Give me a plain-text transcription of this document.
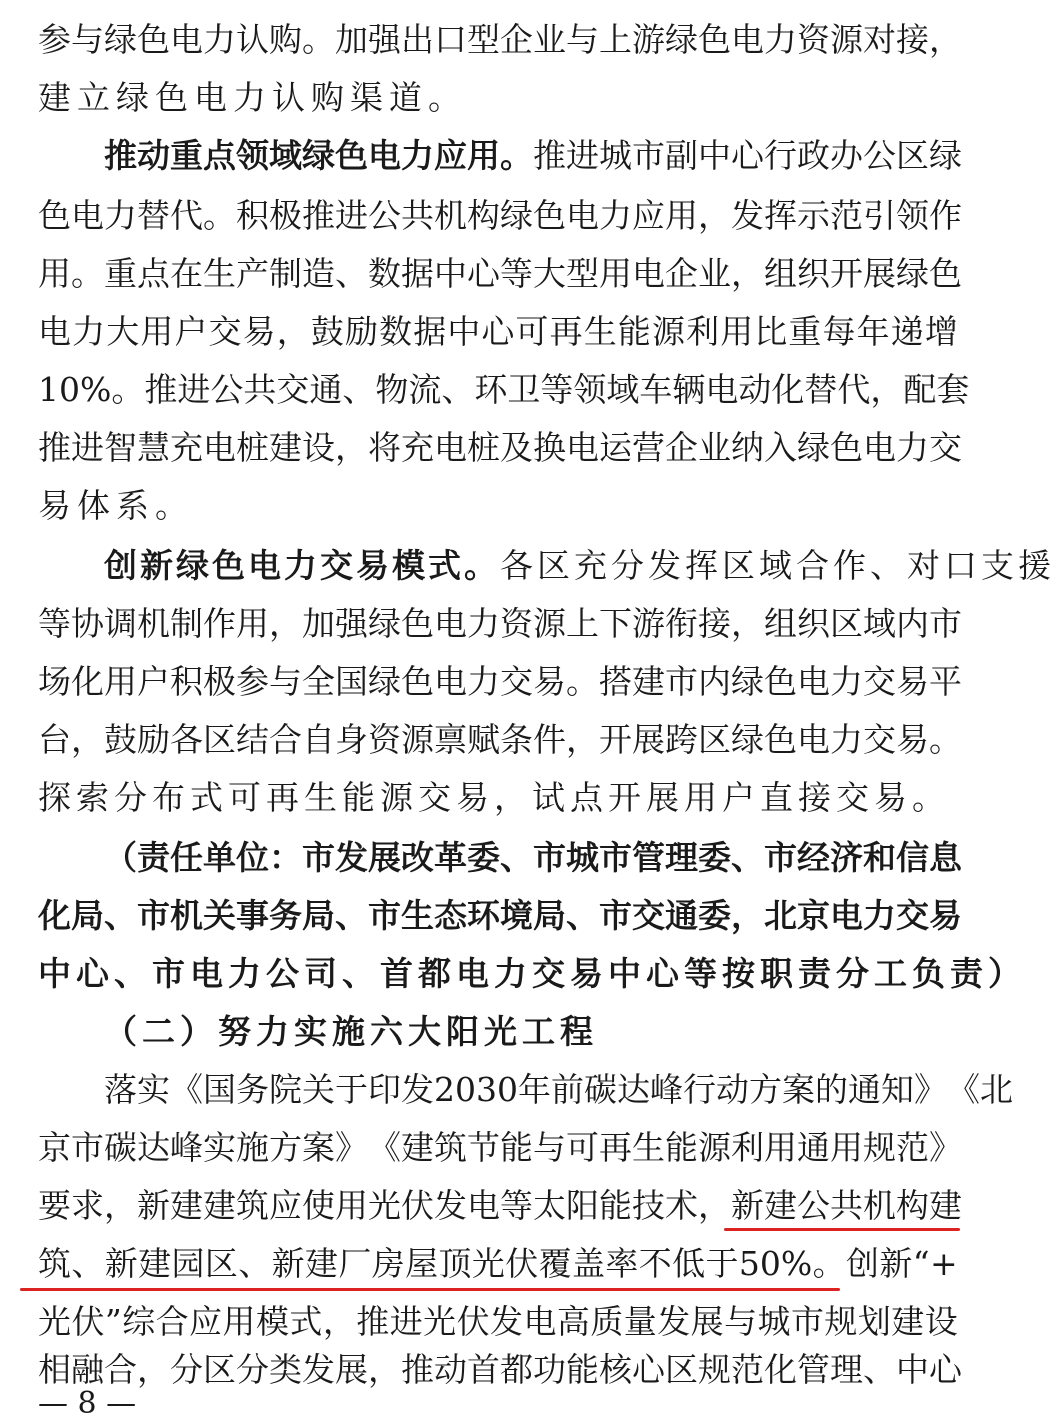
参 与 绿 色 电 力 认 购 。 加 强 出 口 型 企 业 与 上 游 绿 色 电 力 资 源 对 接 ，
建立绿色电力认购渠道。
推 动 重 点 领 域 绿 色 电 力 应 用 。 推 进 城 市 副 中 心 行 政 办 公 区 绿
色 电 力 替 代 。 积 极 推 进 公 共 机 构 绿 色 电 力 应 用 ， 发 挥 示 范 引 领 作
用 。 重 点 在 生 产 制 造 、 数 据 中 心 等 大 型 用 电 企 业 ， 组 织 开 展 绿 色
电 力 大 用 户 交 易 ， 鼓 励 数 据 中 心 可 再 生 能 源 利 用 比 重 每 年 递 增
10% 。 推 进 公 共 交 通 、 物 流 、 环 卫 等 领 域 车 辆 电 动 化 替 代 ， 配 套
推 进 智 慧 充 电 桩 建 设 ， 将 充 电 桩 及 换 电 运 营 企 业 纳 入 绿 色 电 力 交
易体系。
创新绿色电力交易模式。 各区充分发挥区域合作、对口支援
等 协 调 机 制 作 用 ， 加 强 绿 色 电 力 资 源 上 下 游 衔 接 ， 组 织 区 域 内 市
场 化 用 户 积 极 参 与 全 国 绿 色 电 力 交 易 。 搭 建 市 内 绿 色 电 力 交 易 平
台 ， 鼓 励 各 区 结 合 自 身 资 源 禀 赋 条 件 ， 开 展 跨 区 绿 色 电 力 交 易 。
探索分布式可再生能源交易，试点开展用户直接交易。
（ 责 任 单 位 ： 市 发 展 改 革 委 、 市 城 市 管 理 委 、 市 经 济 和 信 息
化 局 、 市 机 关 事 务 局 、 市 生 态 环 境 局 、 市 交 通 委 ， 北 京 电 力 交 易
中心、市电力公司、首都电力交易中心等按职责分工负责）
（二）努力实施六大阳光工程
落 实 《 国 务 院 关 于 印 发 2030 年 前 碳 达 峰 行 动 方 案 的 通 知 》 《 北
京 市 碳 达 峰 实 施 方 案 》 《 建 筑 节 能 与 可 再 生 能 源 利 用 通 用 规 范 》
要 求 ， 新 建 建 筑 应 使 用 光 伏 发 电 等 太 阳 能 技 术 ， 新 建 公 共 机 构 建
筑 、 新 建 园 区 、 新 建 厂 房 屋 顶 光 伏 覆 盖 率 不 低 于 50% 。 创 新 “ +
光 伏 ” 综 合 应 用 模 式 ， 推 进 光 伏 发 电 高 质 量 发 展 与 城 市 规 划 建 设
相 融 合 ， 分 区 分 类 发 展 ， 推 动 首 都 功 能 核 心 区 规 范 化 管 理 、 中 心
— 8 —
